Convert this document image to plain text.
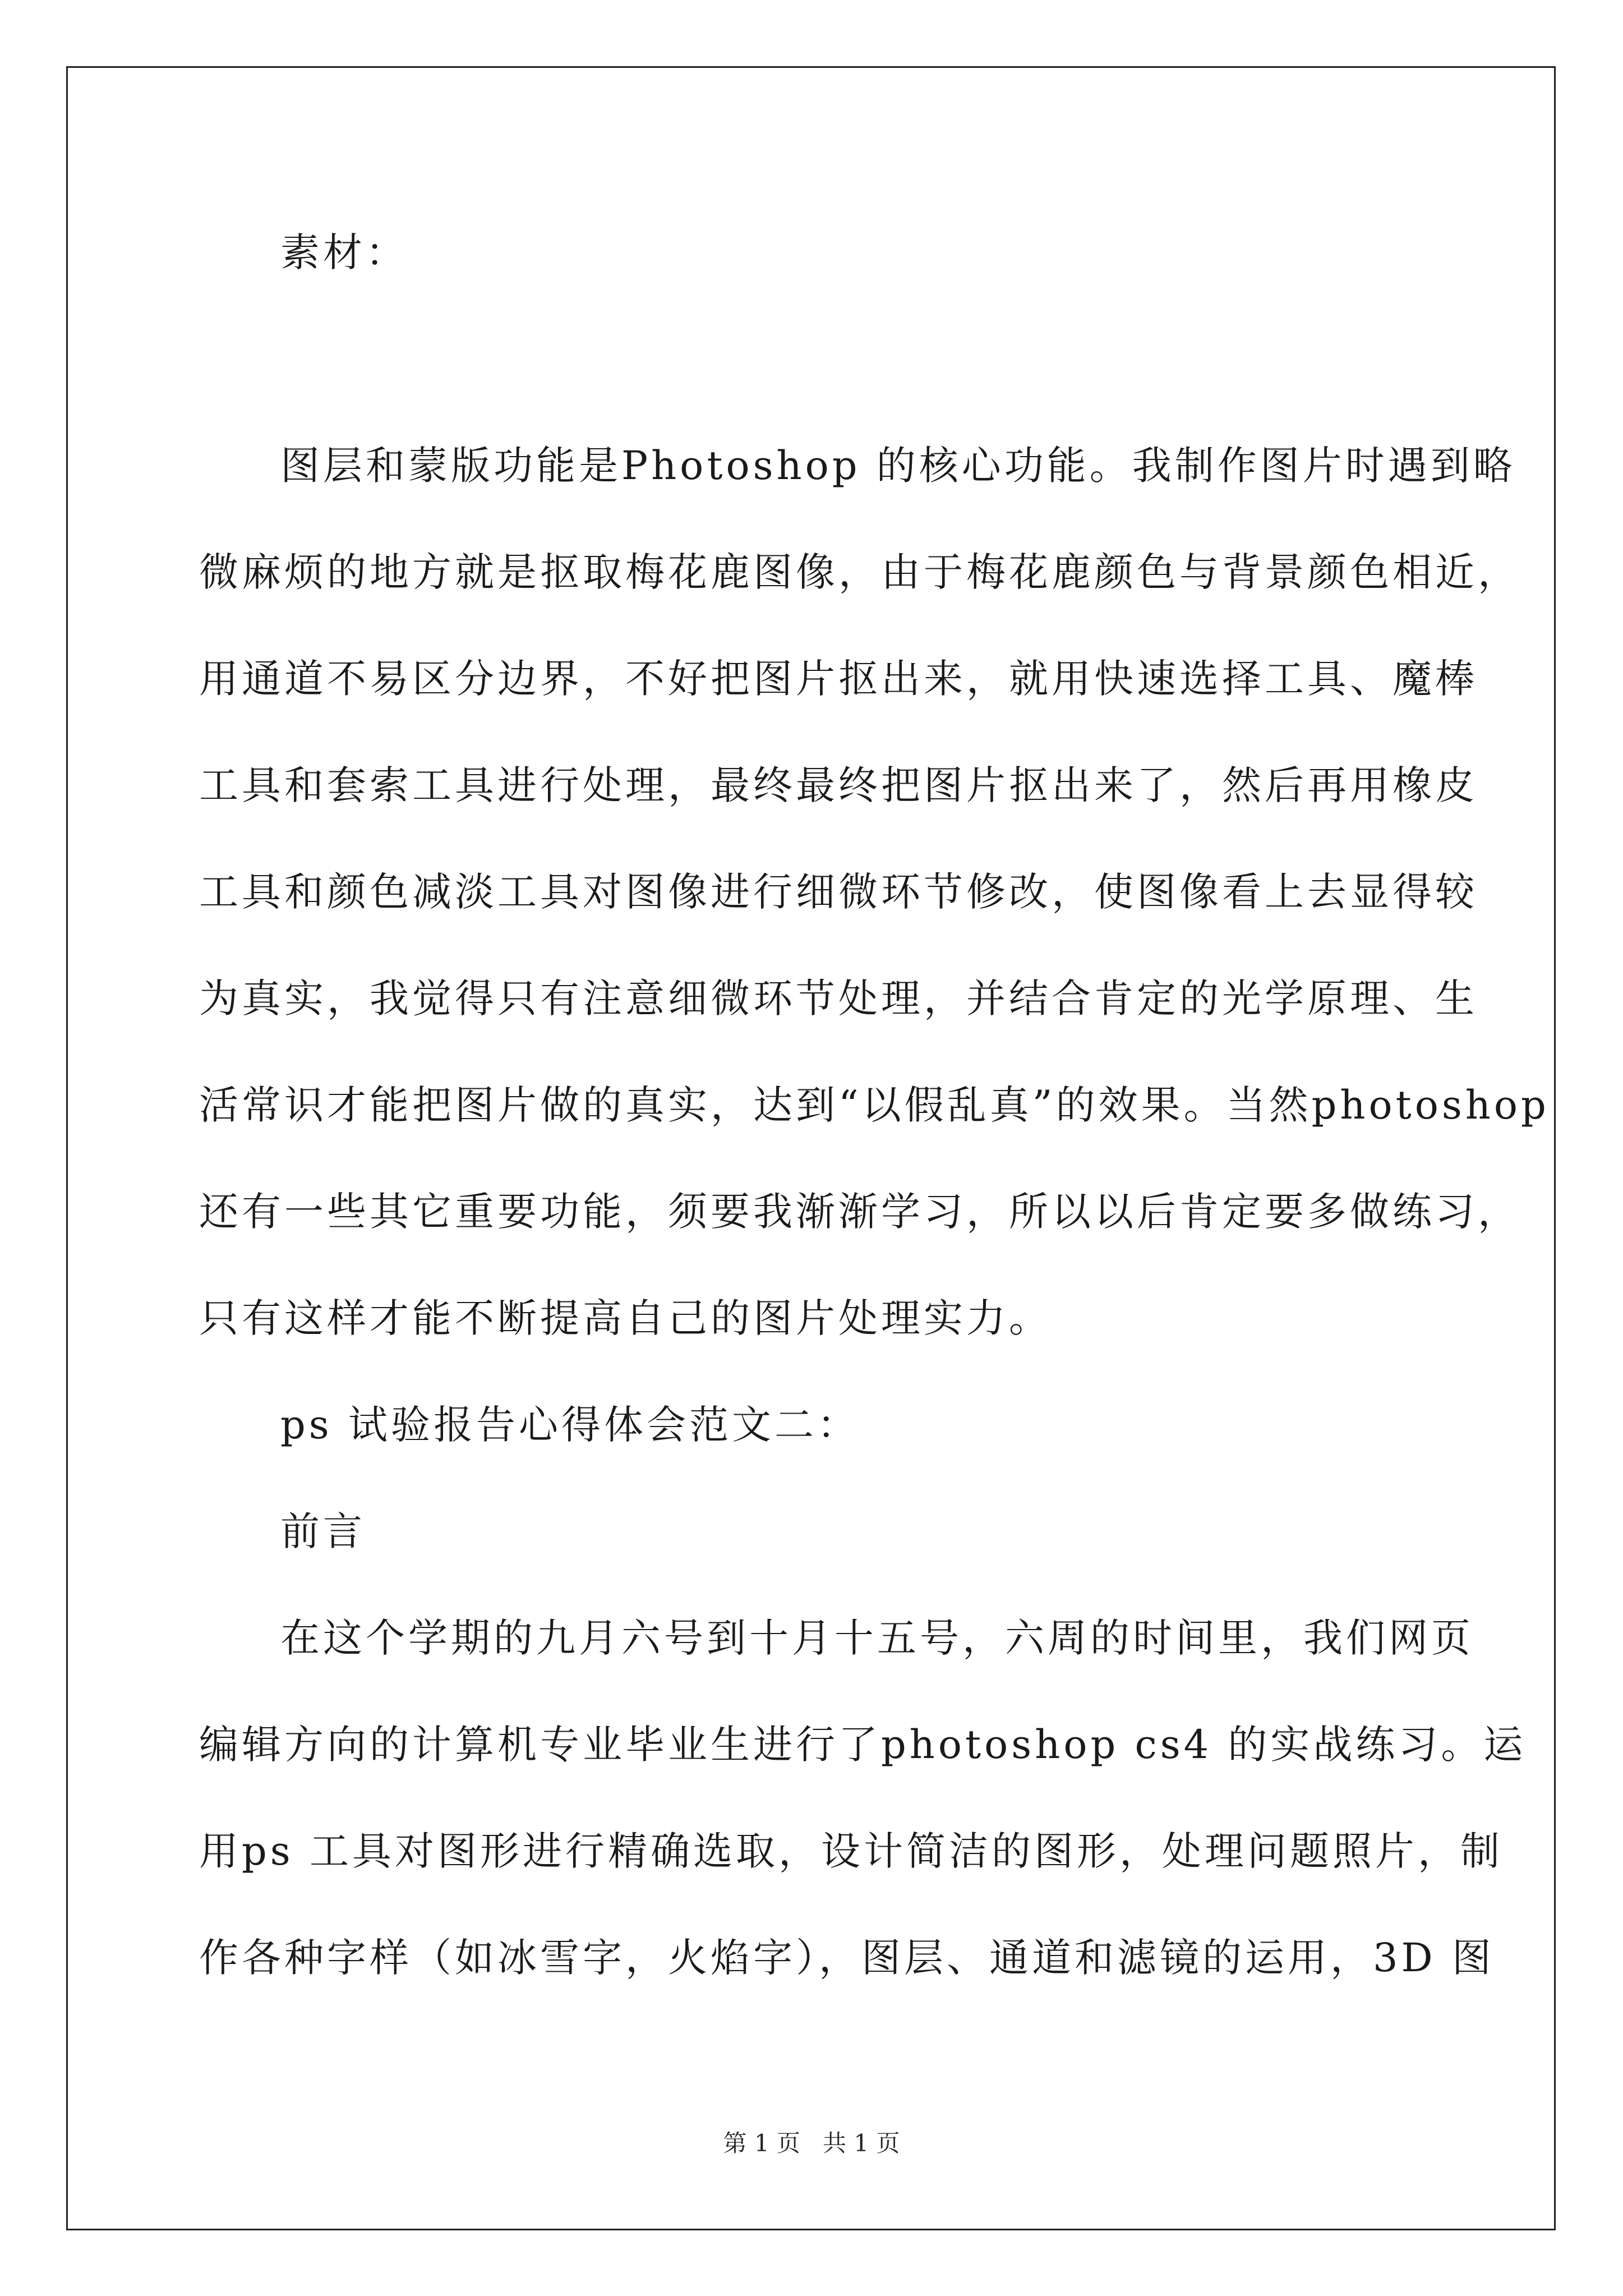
素材：
图层和蒙版功能是Photoshop 的核心功能。我制作图片时遇到略
微麻烦的地方就是抠取梅花鹿图像，由于梅花鹿颜色与背景颜色相近，
用通道不易区分边界，不好把图片抠出来，就用快速选择工具、魔棒
工具和套索工具进行处理，最终最终把图片抠出来了，然后再用橡皮
工具和颜色减淡工具对图像进行细微环节修改，使图像看上去显得较
为真实，我觉得只有注意细微环节处理，并结合肯定的光学原理、生
活常识才能把图片做的真实，达到“以假乱真”的效果。当然photoshop
还有一些其它重要功能，须要我渐渐学习，所以以后肯定要多做练习，
只有这样才能不断提高自己的图片处理实力。
ps 试验报告心得体会范文二：
前言
在这个学期的九月六号到十月十五号，六周的时间里，我们网页
编辑方向的计算机专业毕业生进行了photoshop cs4 的实战练习。运
用ps 工具对图形进行精确选取，设计简洁的图形，处理问题照片，制
作各种字样（如冰雪字，火焰字），图层、通道和滤镜的运用，3D 图
第 1 页   共 1 页
